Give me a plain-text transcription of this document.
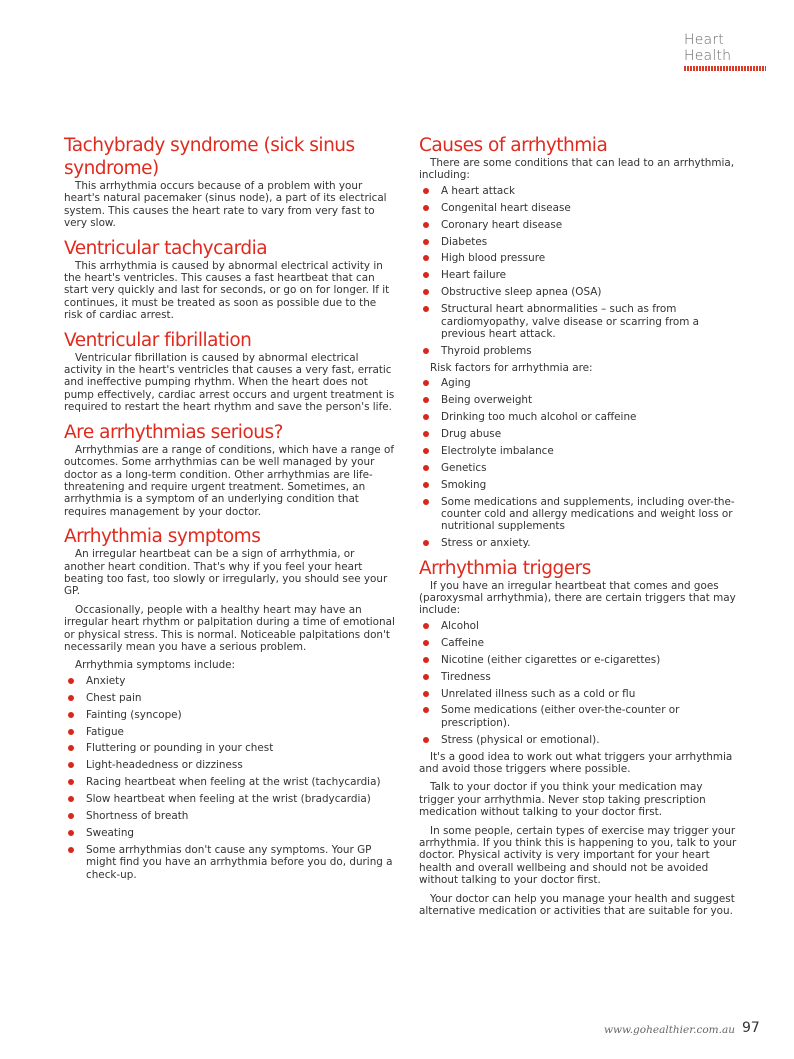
Heart Health
Tachybrady syndrome (sick sinus syndrome)

This arrhythmia occurs because of a problem with your heart's natural pacemaker (sinus node), a part of its electrical system. This causes the heart rate to vary from very fast to very slow.

Ventricular tachycardia

This arrhythmia is caused by abnormal electrical activity in the heart's ventricles. This causes a fast heartbeat that can start very quickly and last for seconds, or go on for longer. If it continues, it must be treated as soon as possible due to the risk of cardiac arrest.

Ventricular fibrillation

Ventricular fibrillation is caused by abnormal electrical activity in the heart's ventricles that causes a very fast, erratic and ineffective pumping rhythm. When the heart does not pump effectively, cardiac arrest occurs and urgent treatment is required to restart the heart rhythm and save the person's life.

Are arrhythmias serious?

Arrhythmias are a range of conditions, which have a range of outcomes. Some arrhythmias can be well managed by your doctor as a long-term condition. Other arrhythmias are life-threatening and require urgent treatment. Sometimes, an arrhythmia is a symptom of an underlying condition that requires management by your doctor.

Arrhythmia symptoms

An irregular heartbeat can be a sign of arrhythmia, or another heart condition. That's why if you feel your heart beating too fast, too slowly or irregularly, you should see your GP.

Occasionally, people with a healthy heart may have an irregular heart rhythm or palpitation during a time of emotional or physical stress. This is normal. Noticeable palpitations don't necessarily mean you have a serious problem.

Arrhythmia symptoms include:

Anxiety
Chest pain
Fainting (syncope)
Fatigue
Fluttering or pounding in your chest
Light-headedness or dizziness
Racing heartbeat when feeling at the wrist (tachycardia)
Slow heartbeat when feeling at the wrist (bradycardia)
Shortness of breath
Sweating
Some arrhythmias don't cause any symptoms. Your GP might find you have an arrhythmia before you do, during a check-up.
Causes of arrhythmia

There are some conditions that can lead to an arrhythmia, including:

A heart attack
Congenital heart disease
Coronary heart disease
Diabetes
High blood pressure
Heart failure
Obstructive sleep apnea (OSA)
Structural heart abnormalities – such as from cardiomyopathy, valve disease or scarring from a previous heart attack.
Thyroid problems

Risk factors for arrhythmia are:

Aging
Being overweight
Drinking too much alcohol or caffeine
Drug abuse
Electrolyte imbalance
Genetics
Smoking
Some medications and supplements, including over-the-counter cold and allergy medications and weight loss or nutritional supplements
Stress or anxiety.
Arrhythmia triggers

If you have an irregular heartbeat that comes and goes (paroxysmal arrhythmia), there are certain triggers that may include:

Alcohol
Caffeine
Nicotine (either cigarettes or e-cigarettes)
Tiredness
Unrelated illness such as a cold or flu
Some medications (either over-the-counter or prescription).
Stress (physical or emotional).

It's a good idea to work out what triggers your arrhythmia and avoid those triggers where possible.

Talk to your doctor if you think your medication may trigger your arrhythmia. Never stop taking prescription medication without talking to your doctor first.

In some people, certain types of exercise may trigger your arrhythmia. If you think this is happening to you, talk to your doctor. Physical activity is very important for your heart health and overall wellbeing and should not be avoided without talking to your doctor first.

Your doctor can help you manage your health and suggest alternative medication or activities that are suitable for you.

www.gohealthier.com.au 97
